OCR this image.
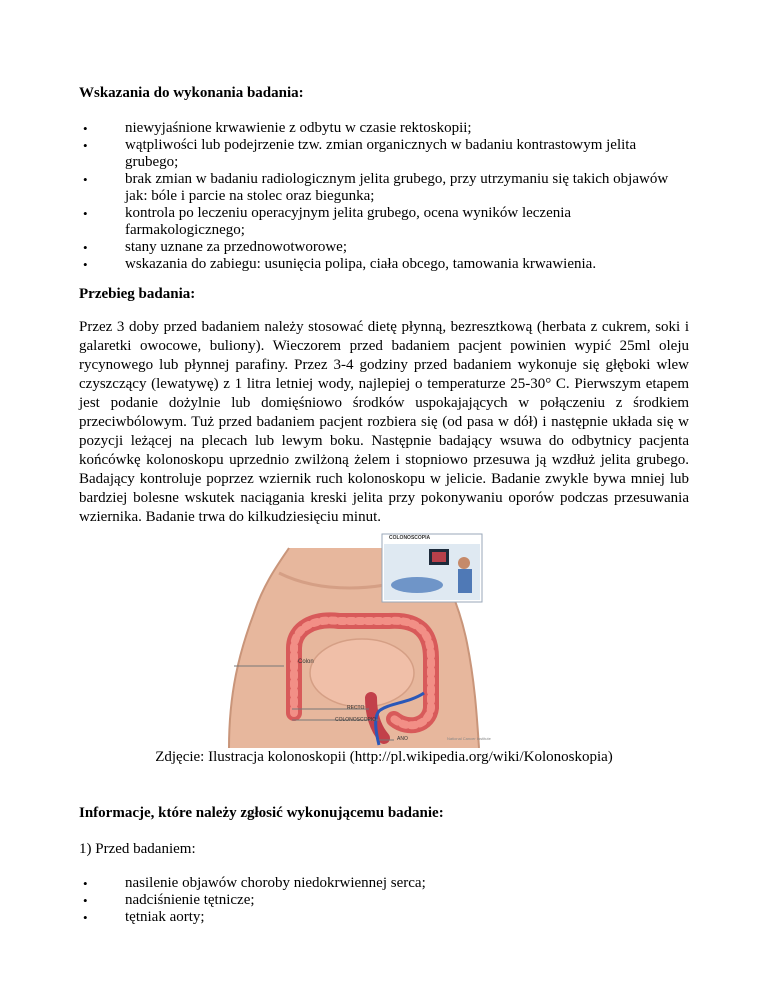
Wskazania do wykonania badania:
• niewyjaśnione krwawienie z odbytu w czasie rektoskopii;
• wątpliwości lub podejrzenie tzw. zmian organicznych w badaniu kontrastowym jelita grubego;
• brak zmian w badaniu radiologicznym jelita grubego, przy utrzymaniu się takich objawów jak: bóle i parcie na stolec oraz biegunka;
• kontrola po leczeniu operacyjnym jelita grubego, ocena wyników leczenia farmakologicznego;
• stany uznane za przednowotworowe;
• wskazania do zabiegu: usunięcia polipa, ciała obcego, tamowania krwawienia.
Przebieg badania:

Przez 3 doby przed badaniem należy stosować dietę płynną, bezresztkową (herbata z cukrem, soki i galaretki owocowe, buliony). Wieczorem przed badaniem pacjent powinien wypić 25ml oleju rycynowego lub płynnej parafiny. Przez 3-4 godziny przed badaniem wykonuje się głęboki wlew czyszczący (lewatywę) z 1 litra letniej wody, najlepiej o temperaturze 25-30° C. Pierwszym etapem jest podanie dożylnie lub domięśniowo środków uspokajających w połączeniu z środkiem przeciwbólowym. Tuż przed badaniem pacjent rozbiera się (od pasa w dół) i następnie układa się w pozycji leżącej na plecach lub lewym boku. Następnie badający wsuwa do odbytnicy pacjenta końcówkę kolonoskopu uprzednio zwilżoną żelem i stopniowo przesuwa ją wzdłuż jelita grubego. Badający kontroluje poprzez wziernik ruch kolonoskopu w jelicie. Badanie zwykle bywa mniej lub bardziej bolesne wskutek naciągania kreski jelita przy pokonywaniu oporów podczas przesuwania wziernika. Badanie trwa do kilkudziesięciu minut.

COLONOSCOPIA
Colon
RECTO
COLONOSCOPIO
ANO	National Cancer Institute
Zdjęcie: Ilustracja kolonoskopii (http://pl.wikipedia.org/wiki/Kolonoskopia)
Informacje, które należy zgłosić wykonującemu badanie:

1) Przed badaniem:

• nasilenie objawów choroby niedokrwiennej serca;
• nadciśnienie tętnicze;
• tętniak aorty;
